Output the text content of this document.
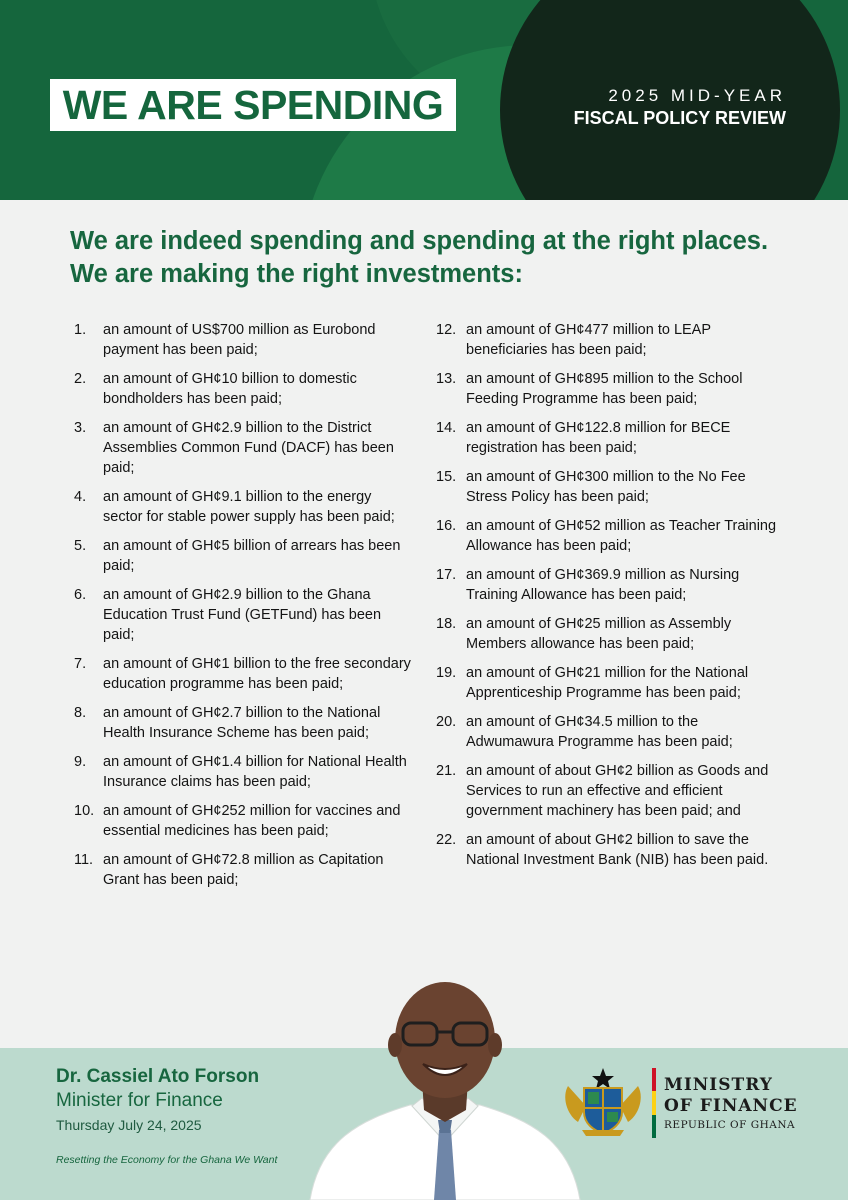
WE ARE SPENDING	2025 MID-YEAR
FISCAL POLICY REVIEW
We are indeed spending and spending at the right places.
We are making the right investments:
1.	an amount of US$700 million as Eurobond payment has been paid;
2.	an amount of GH¢10 billion to domestic bondholders has been paid;
3.	an amount of GH¢2.9 billion to the District Assemblies Common Fund (DACF) has been paid;
4.	an amount of GH¢9.1 billion to the energy sector for stable power supply has been paid;
5.	an amount of GH¢5 billion of arrears has been paid;
6.	an amount of GH¢2.9 billion to the Ghana Education Trust Fund (GETFund) has been paid;
7.	an amount of GH¢1 billion to the free secondary education programme has been paid;
8.	an amount of GH¢2.7 billion to the National Health Insurance Scheme has been paid;
9.	an amount of GH¢1.4 billion for National Health Insurance claims has been paid;
10. an amount of GH¢252 million for vaccines and essential medicines has been paid;
11. an amount of GH¢72.8 million as Capitation Grant has been paid;
12. an amount of GH¢477 million to LEAP beneficiaries has been paid;
13. an amount of GH¢895 million to the School Feeding Programme has been paid;
14. an amount of GH¢122.8 million for BECE registration has been paid;
15. an amount of GH¢300 million to the No Fee Stress Policy has been paid;
16. an amount of GH¢52 million as Teacher Training Allowance has been paid;
17. an amount of GH¢369.9 million as Nursing Training Allowance has been paid;
18. an amount of GH¢25 million as Assembly Members allowance has been paid;
19. an amount of GH¢21 million for the National Apprenticeship Programme has been paid;
20. an amount of GH¢34.5 million to the Adwumawura Programme has been paid;
21. an amount of about GH¢2 billion as Goods and Services to run an effective and efficient government machinery has been paid; and
22. an amount of about GH¢2 billion to save the National Investment Bank (NIB) has been paid.
Dr. Cassiel Ato Forson
Minister for Finance
Thursday July 24, 2025
Resetting the Economy for the Ghana We Want
MINISTRY
OF FINANCE
REPUBLIC OF GHANA
